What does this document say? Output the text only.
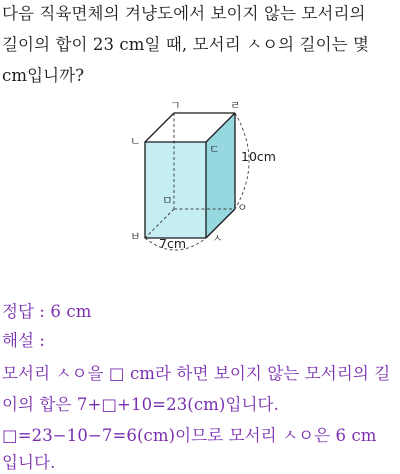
다음 직육면체의 겨냥도에서 보이지 않는 모서리의

길이의 합이 23 cm일 때, 모서리 ㅅㅇ의 길이는 몇

cm입니까?

ㄱ	ㄹ
ㄴ
ㄷ
ㅁ
ㅇ
ㅂ	ㅅ
10cm
7cm

정답 : 6 cm

해설 :

모서리 ㅅㅇ을 □ cm라 하면 보이지 않는 모서리의 길

이의 합은 7+□+10=23(cm)입니다.

□=23−10−7=6(cm)이므로 모서리 ㅅㅇ은 6 cm

입니다.
